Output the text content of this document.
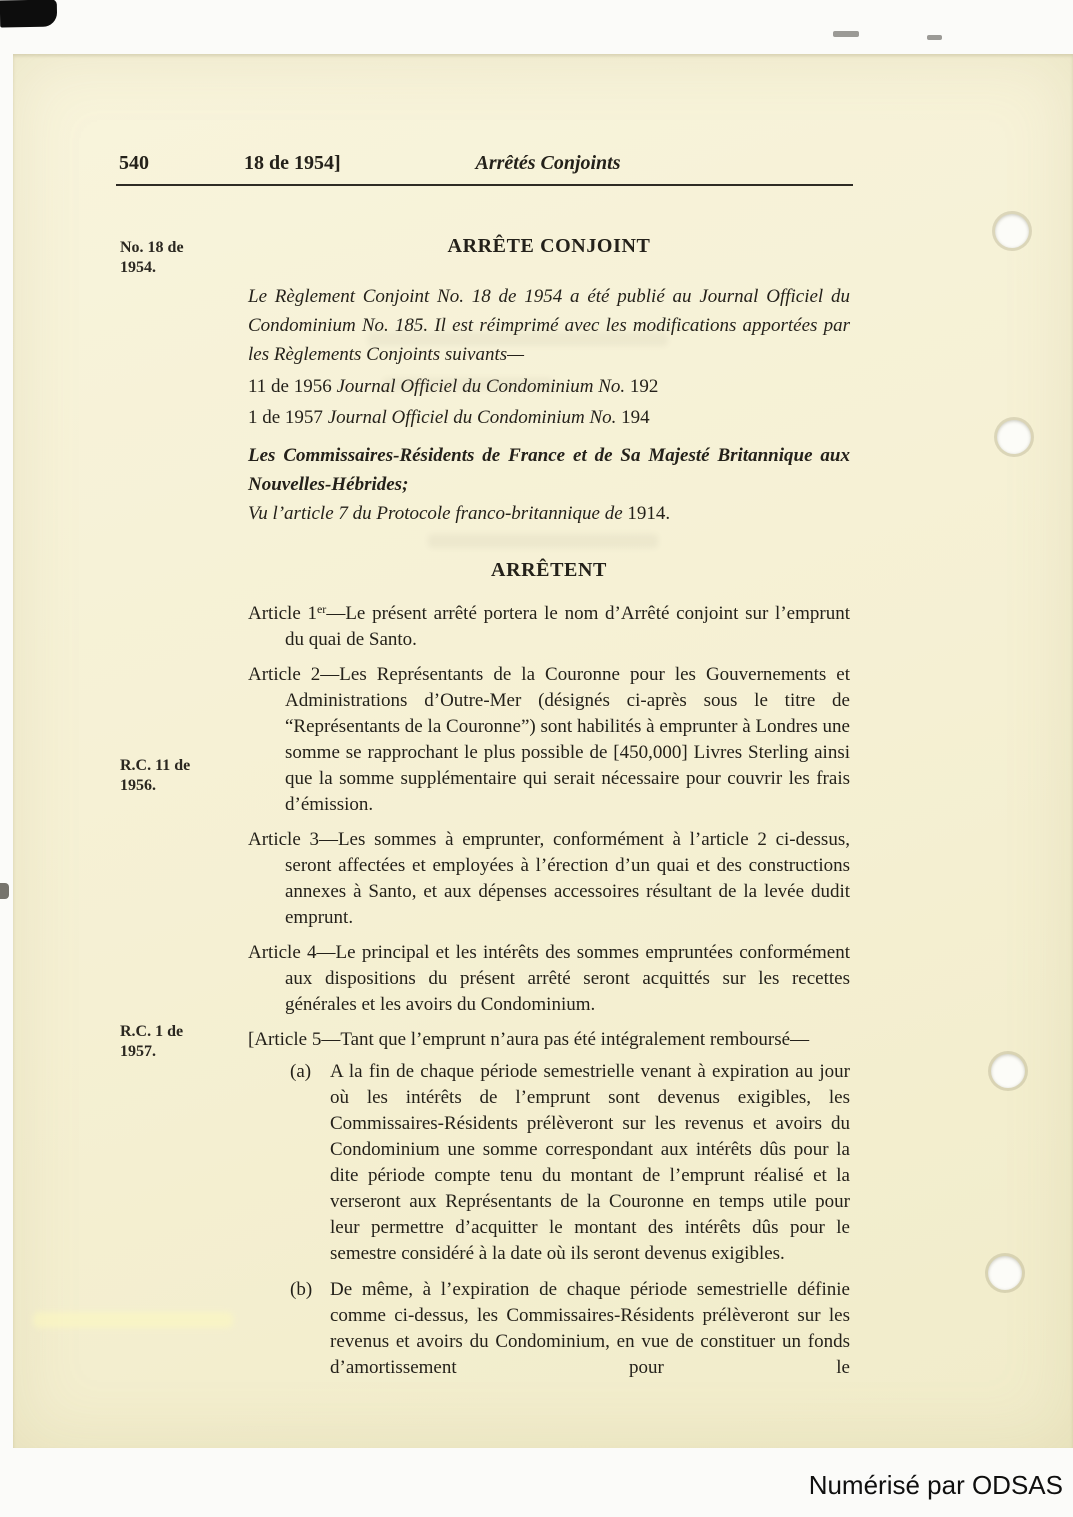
540	18 de 1954]	Arrêtés Conjoints
No. 18 de 1954.
R.C. 11 de 1956.
R.C. 1 de 1957.
ARRÊTE CONJOINT

Le Règlement Conjoint No. 18 de 1954 a été publié au Journal Officiel du Condominium No. 185. Il est réimprimé avec les modifications apportées par les Règlements Conjoints suivants—

11 de 1956 Journal Officiel du Condominium No. 192

1 de 1957 Journal Officiel du Condominium No. 194

Les Commissaires-Résidents de France et de Sa Majesté Britannique aux Nouvelles-Hébrides;

Vu l’article 7 du Protocole franco-britannique de 1914.

ARRÊTENT

Article 1er—Le présent arrêté portera le nom d’Arrêté conjoint sur l’emprunt du quai de Santo.

Article 2—Les Représentants de la Couronne pour les Gouvernements et Administrations d’Outre-Mer (désignés ci-après sous le titre de “Représentants de la Couronne”) sont habilités à emprunter à Londres une somme se rapprochant le plus possible de [450,000] Livres Sterling ainsi que la somme supplémentaire qui serait nécessaire pour couvrir les frais d’émission.

Article 3—Les sommes à emprunter, conformément à l’article 2 ci-dessus, seront affectées et employées à l’érection d’un quai et des constructions annexes à Santo, et aux dépenses accessoires résultant de la levée dudit emprunt.

Article 4—Le principal et les intérêts des sommes empruntées conformément aux dispositions du présent arrêté seront acquittés sur les recettes générales et les avoirs du Condominium.

[Article 5—Tant que l’emprunt n’aura pas été intégralement remboursé—

(a) A la fin de chaque période semestrielle venant à expiration au jour où les intérêts de l’emprunt sont devenus exigibles, les Commissaires-Résidents prélèveront sur les revenus et avoirs du Condominium une somme correspondant aux intérêts dûs pour la dite période compte tenu du montant de l’emprunt réalisé et la verseront aux Représentants de la Couronne en temps utile pour leur permettre d’acquitter le montant des intérêts dûs pour le semestre considéré à la date où ils seront devenus exigibles.

(b) De même, à l’expiration de chaque période semestrielle définie comme ci-dessus, les Commissaires-Résidents prélèveront sur les revenus et avoirs du Condominium, en vue de constituer un fonds d’amortissement pour le

Numérisé par ODSAS
